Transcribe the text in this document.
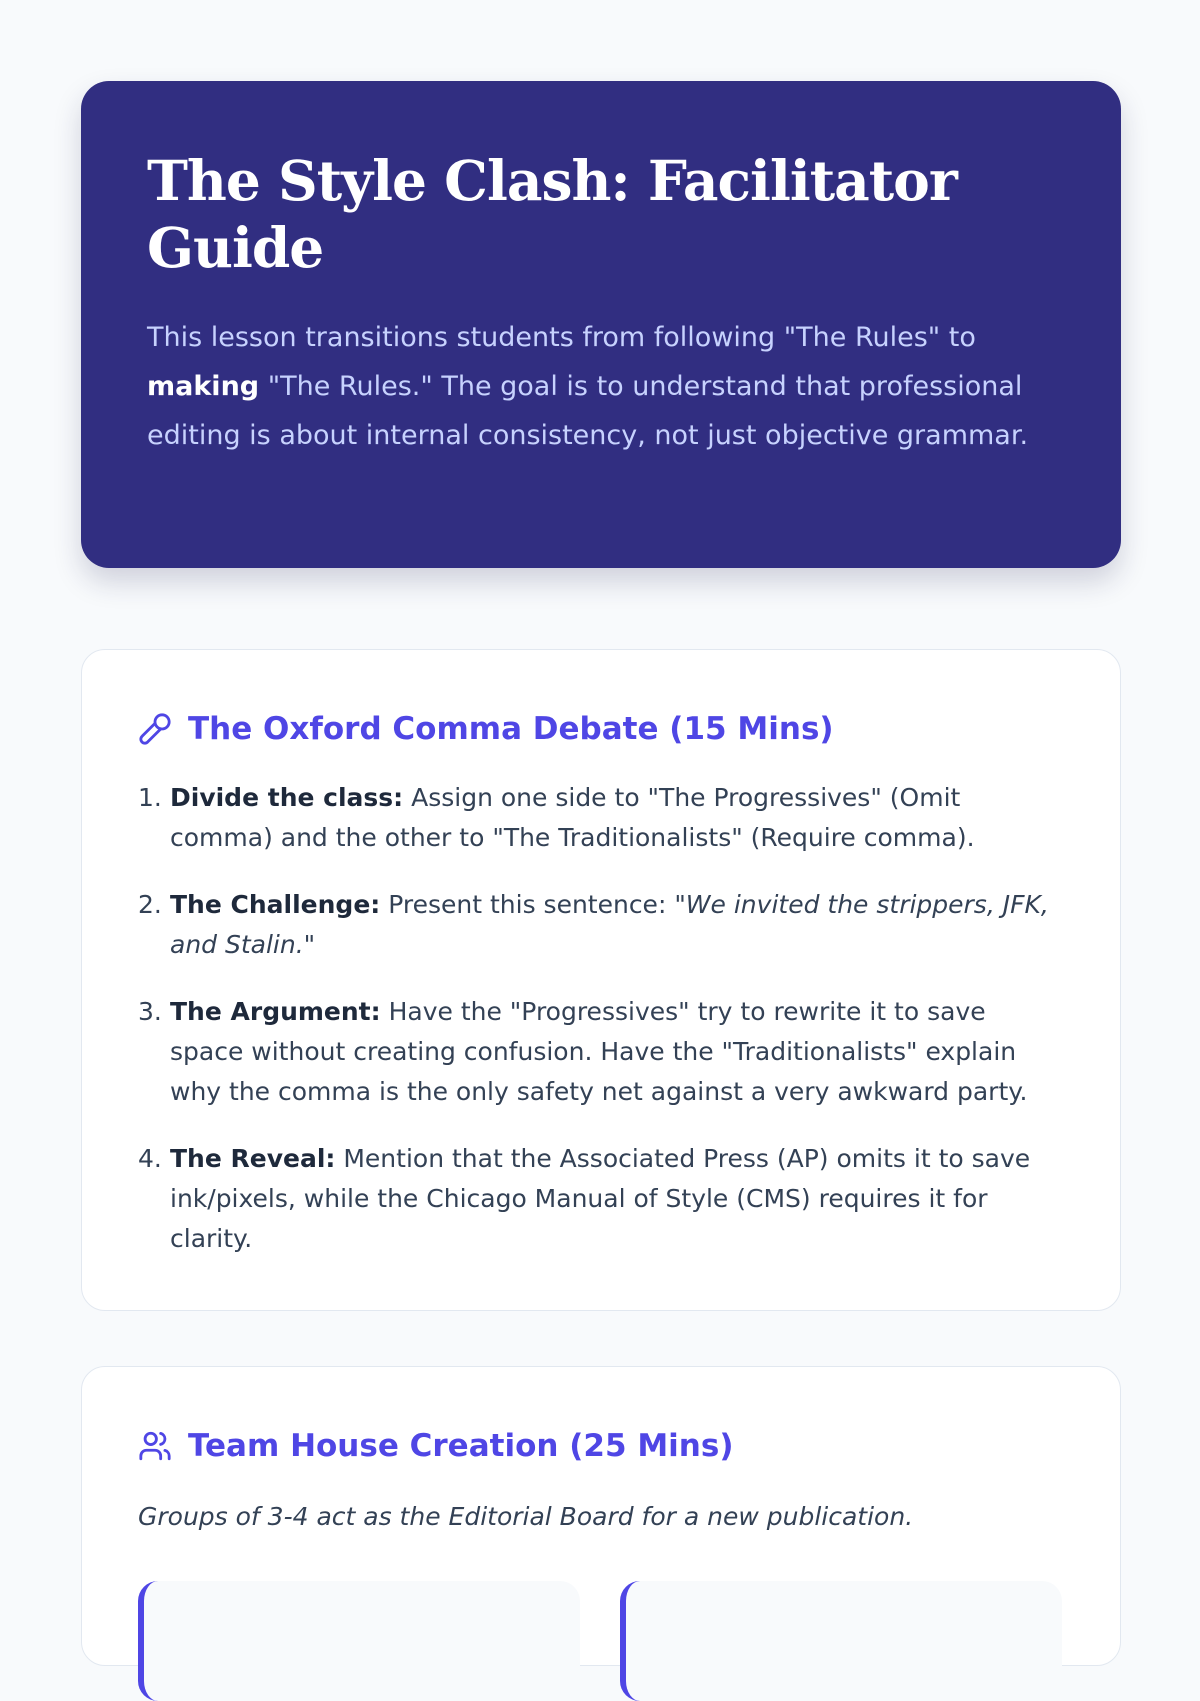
The Style Clash: Facilitator Guide

This lesson transitions students from following "The Rules" to making "The Rules." The goal is to understand that professional editing is about internal consistency, not just objective grammar.

The Oxford Comma Debate (15 Mins)
1. Divide the class: Assign one side to "The Progressives" (Omit comma) and the other to "The Traditionalists" (Require comma).
2. The Challenge: Present this sentence: "We invited the strippers, JFK, and Stalin."
3. The Argument: Have the "Progressives" try to rewrite it to save space without creating confusion. Have the "Traditionalists" explain why the comma is the only safety net against a very awkward party.
4. The Reveal: Mention that the Associated Press (AP) omits it to save ink/pixels, while the Chicago Manual of Style (CMS) requires it for clarity.
Team House Creation (25 Mins)

Groups of 3-4 act as the Editorial Board for a new publication.
